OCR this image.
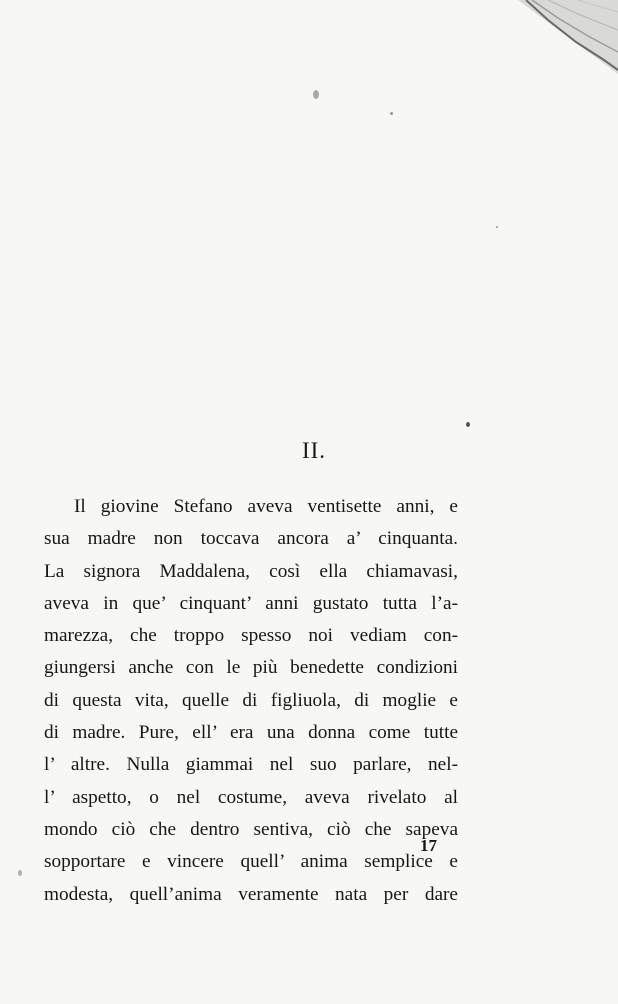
II.
Il giovine Stefano aveva ventisette anni, e
sua madre non toccava ancora a’ cinquanta.
La signora Maddalena, così ella chiamavasi,
aveva in que’ cinquant’ anni gustato tutta l’a-
marezza, che troppo spesso noi vediam con-
giungersi anche con le più benedette condizioni
di questa vita, quelle di figliuola, di moglie e
di madre. Pure, ell’ era una donna come tutte
l’ altre. Nulla giammai nel suo parlare, nel-
l’ aspetto, o nel costume, aveva rivelato al
mondo ciò che dentro sentiva, ciò che sapeva
sopportare e vincere quell’ anima semplice e
modesta, quell’anima veramente nata per dare
17
